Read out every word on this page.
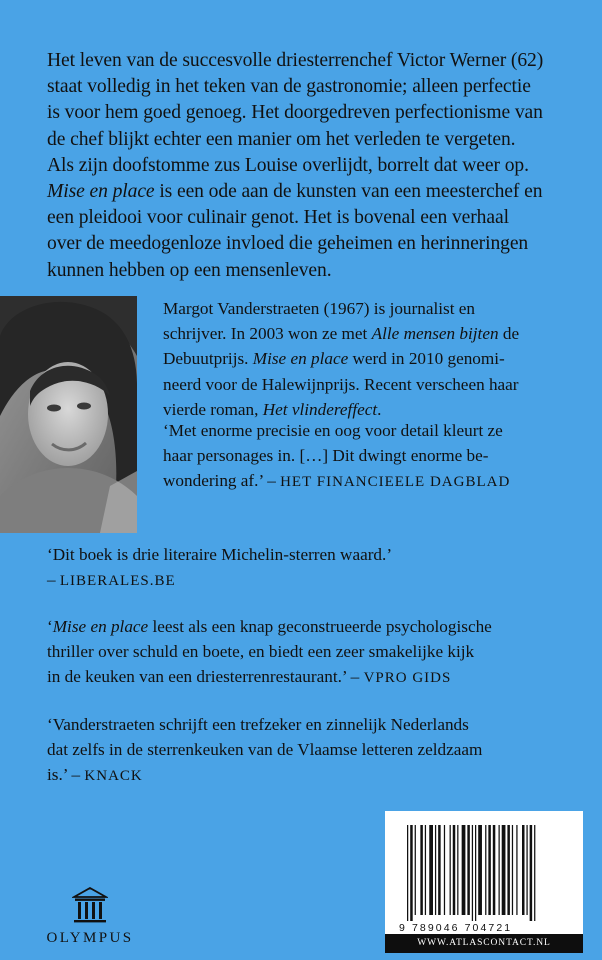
Het leven van de succesvolle driesterrenchef Victor Werner (62)
staat volledig in het teken van de gastronomie; alleen perfectie
is voor hem goed genoeg. Het doorgedreven perfectionisme van
de chef blijkt echter een manier om het verleden te vergeten.
Als zijn doofstomme zus Louise overlijdt, borrelt dat weer op.
Mise en place is een ode aan de kunsten van een meesterchef en
een pleidooi voor culinair genot. Het is bovenal een verhaal
over de meedogenloze invloed die geheimen en herinneringen
kunnen hebben op een mensenleven.
Margot Vanderstraeten (1967) is journalist en
schrijver. In 2003 won ze met Alle mensen bijten de
Debuutprijs. Mise en place werd in 2010 genomi-
neerd voor de Halewijnprijs. Recent verscheen haar
vierde roman, Het vlindereffect.
‘Met enorme precisie en oog voor detail kleurt ze
haar personages in. […] Dit dwingt enorme be-
wondering af.’ – HET FINANCIEELE DAGBLAD
‘Dit boek is drie literaire Michelin-sterren waard.’
– LIBERALES.BE
‘Mise en place leest als een knap geconstrueerde psychologische
thriller over schuld en boete, en biedt een zeer smakelijke kijk
in de keuken van een driesterrenrestaurant.’ – VPRO GIDS
‘Vanderstraeten schrijft een trefzeker en zinnelijk Nederlands
dat zelfs in de sterrenkeuken van de Vlaamse letteren zeldzaam
is.’ – KNACK
OLYMPUS
9 789046 704721
WWW.ATLASCONTACT.NL
